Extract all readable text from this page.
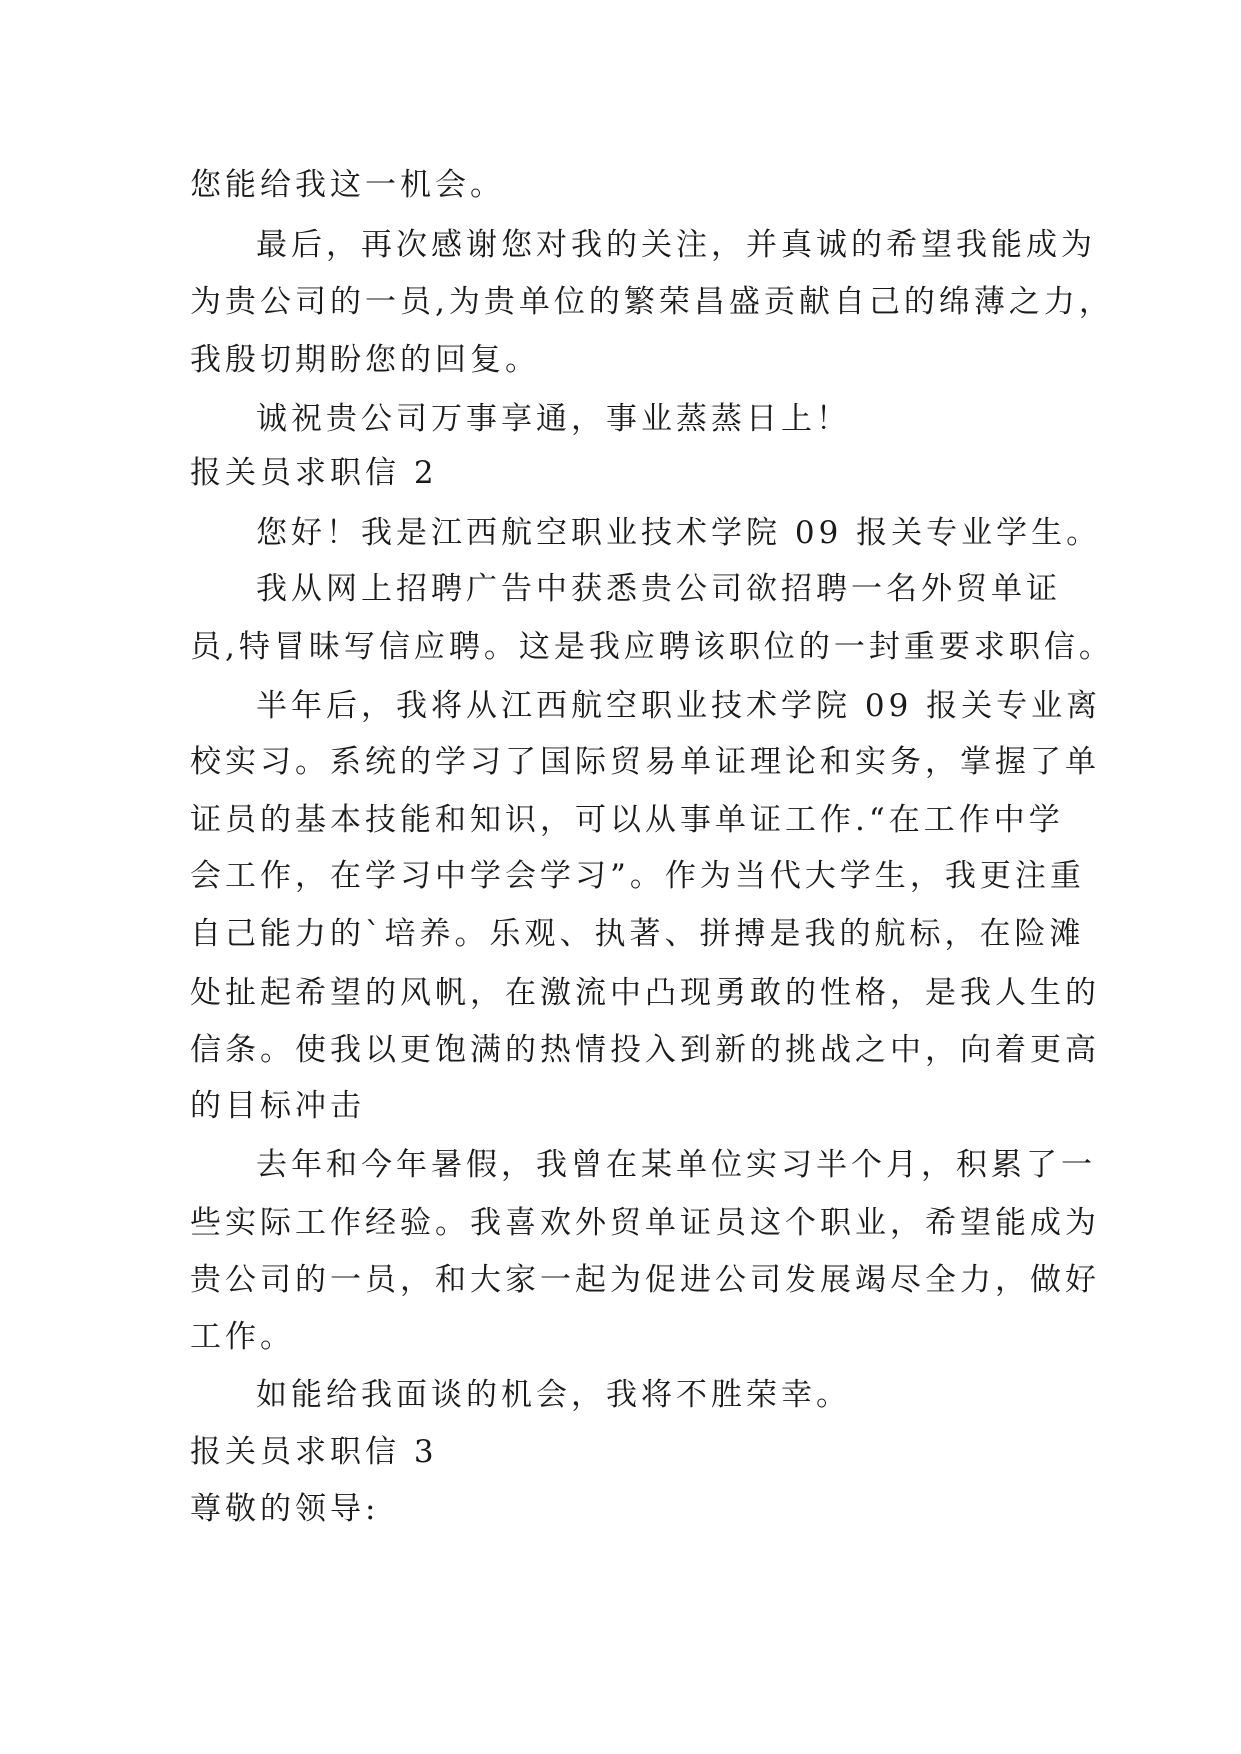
您能给我这一机会。
最后，再次感谢您对我的关注，并真诚的希望我能成为
为贵公司的一员,为贵单位的繁荣昌盛贡献自己的绵薄之力，
我殷切期盼您的回复。
诚祝贵公司万事享通，事业蒸蒸日上！
报关员求职信 2
您好！我是江西航空职业技术学院 09 报关专业学生。
我从网上招聘广告中获悉贵公司欲招聘一名外贸单证
员,特冒昧写信应聘。这是我应聘该职位的一封重要求职信。
半年后，我将从江西航空职业技术学院 09 报关专业离
校实习。系统的学习了国际贸易单证理论和实务，掌握了单
证员的基本技能和知识，可以从事单证工作.“在工作中学
会工作，在学习中学会学习”。作为当代大学生，我更注重
自己能力的`培养。乐观、执著、拼搏是我的航标，在险滩
处扯起希望的风帆，在激流中凸现勇敢的性格，是我人生的
信条。使我以更饱满的热情投入到新的挑战之中，向着更高
的目标冲击
去年和今年暑假，我曾在某单位实习半个月，积累了一
些实际工作经验。我喜欢外贸单证员这个职业，希望能成为
贵公司的一员，和大家一起为促进公司发展竭尽全力，做好
工作。
如能给我面谈的机会，我将不胜荣幸。
报关员求职信 3
尊敬的领导:
